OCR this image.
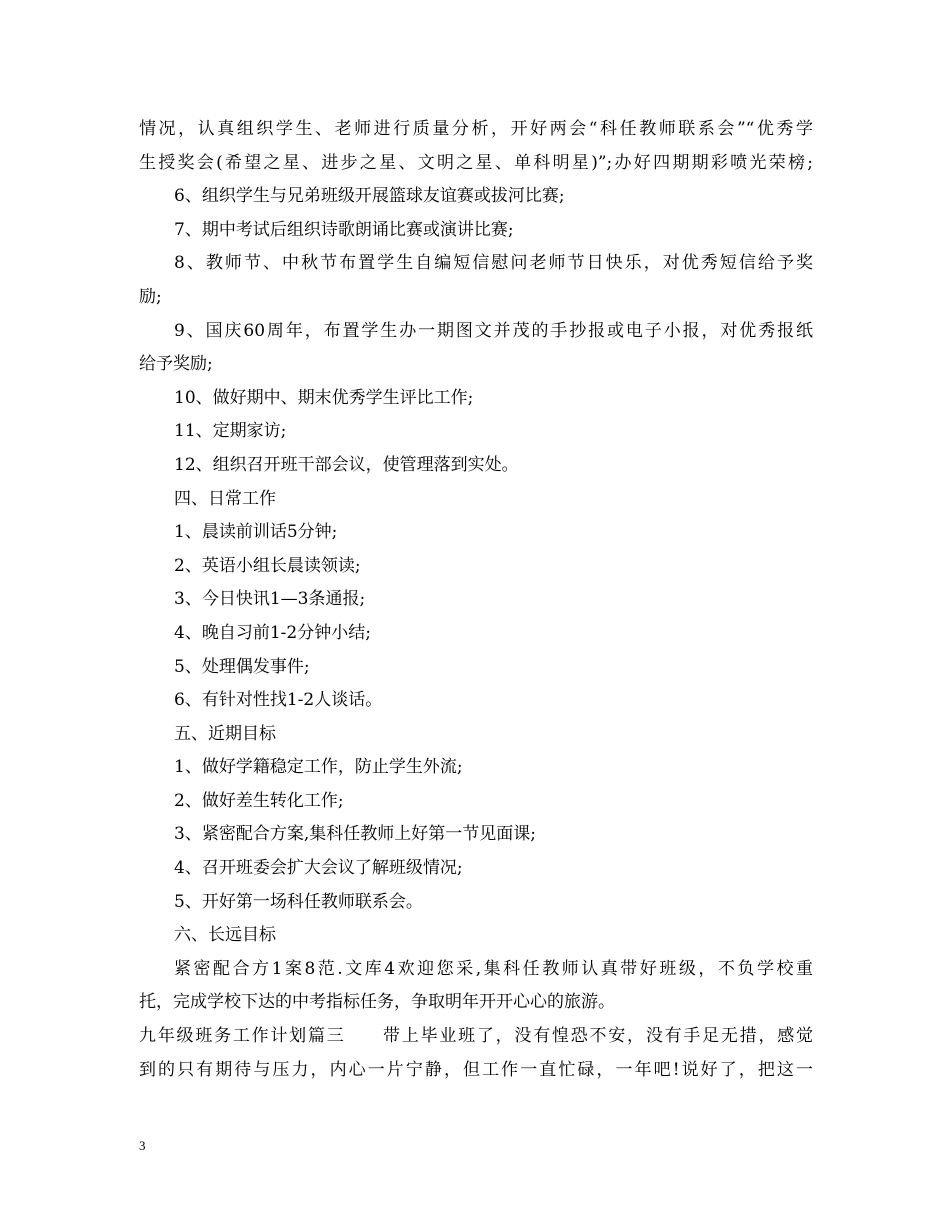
情况，认真组织学生、老师进行质量分析，开好两会“科任教师联系会”“优秀学
生授奖会(希望之星、进步之星、文明之星、单科明星)”;办好四期期彩喷光荣榜;
6、组织学生与兄弟班级开展篮球友谊赛或拔河比赛;
7、期中考试后组织诗歌朗诵比赛或演讲比赛;
8、教师节、中秋节布置学生自编短信慰问老师节日快乐，对优秀短信给予奖
励;
9、国庆60周年，布置学生办一期图文并茂的手抄报或电子小报，对优秀报纸
给予奖励;
10、做好期中、期末优秀学生评比工作;
11、定期家访;
12、组织召开班干部会议，使管理落到实处。
四、日常工作
1、晨读前训话5分钟;
2、英语小组长晨读领读;
3、今日快讯1—3条通报;
4、晚自习前1-2分钟小结;
5、处理偶发事件;
6、有针对性找1-2人谈话。
五、近期目标
1、做好学籍稳定工作，防止学生外流;
2、做好差生转化工作;
3、紧密配合方案,集科任教师上好第一节见面课;
4、召开班委会扩大会议了解班级情况;
5、开好第一场科任教师联系会。
六、长远目标
紧密配合方1案8范.文库4欢迎您采,集科任教师认真带好班级，不负学校重
托，完成学校下达的中考指标任务，争取明年开开心心的旅游。
九年级班务工作计划篇三　　带上毕业班了，没有惶恐不安，没有手足无措，感觉
到的只有期待与压力，内心一片宁静，但工作一直忙碌，一年吧!说好了，把这一
3
